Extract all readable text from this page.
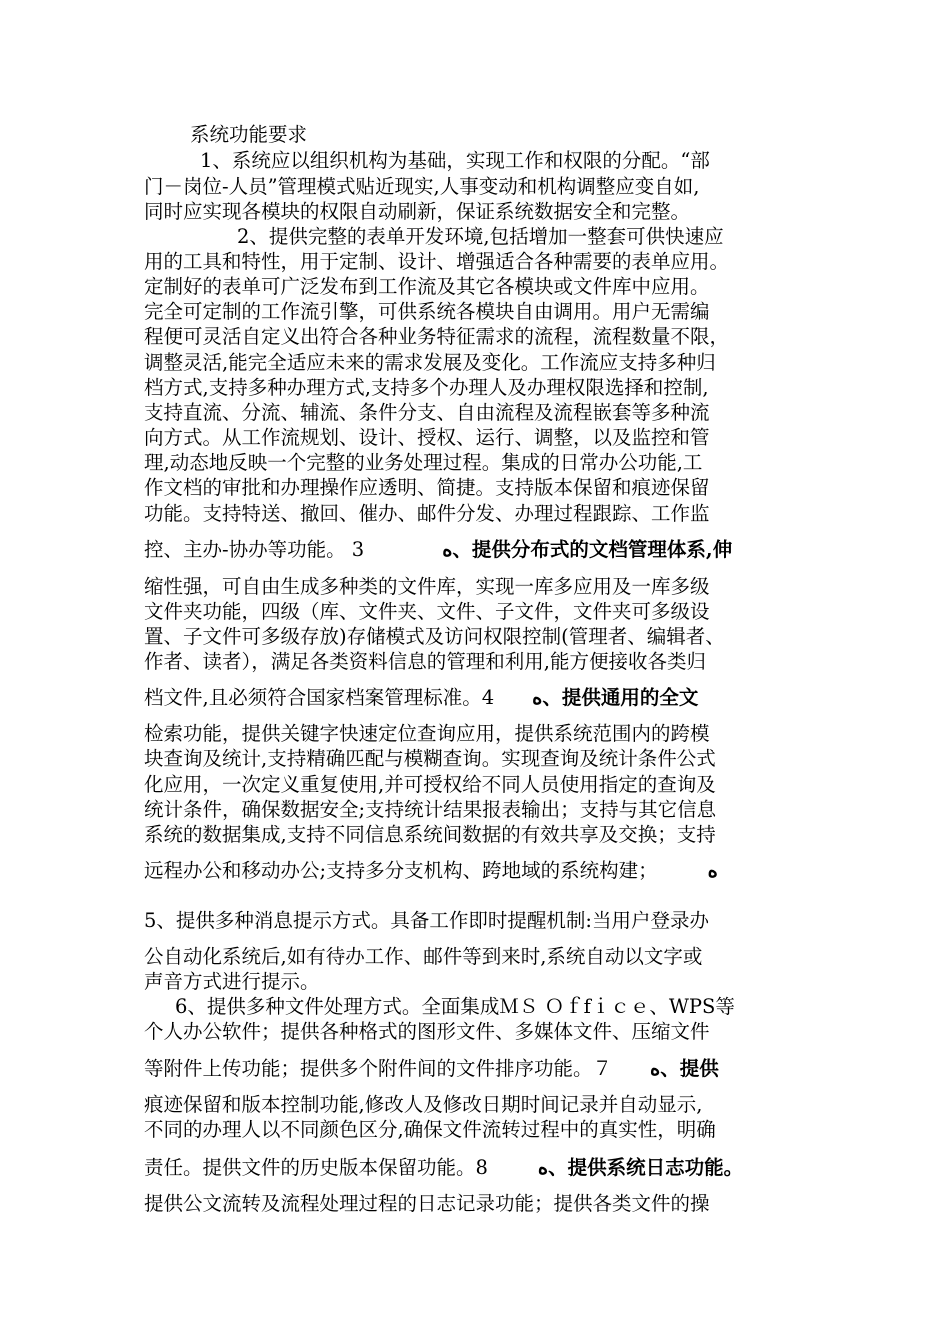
系统功能要求
1、系统应以组织机构为基础，实现工作和权限的分配。“部
门－岗位-人员”管理模式贴近现实,人事变动和机构调整应变自如,
同时应实现各模块的权限自动刷新，保证系统数据安全和完整。
2、提供完整的表单开发环境,包括增加一整套可供快速应
用的工具和特性，用于定制、设计、增强适合各种需要的表单应用。
定制好的表单可广泛发布到工作流及其它各模块或文件库中应用。
完全可定制的工作流引擎，可供系统各模块自由调用。用户无需编
程便可灵活自定义出符合各种业务特征需求的流程，流程数量不限，
调整灵活,能完全适应未来的需求发展及变化。工作流应支持多种归
档方式,支持多种办理方式,支持多个办理人及办理权限选择和控制,
支持直流、分流、辅流、条件分支、自由流程及流程嵌套等多种流
向方式。从工作流规划、设计、授权、运行、调整，以及监控和管
理,动态地反映一个完整的业务处理过程。集成的日常办公功能,工
作文档的审批和办理操作应透明、简捷。支持版本保留和痕迹保留
功能。支持特送、撤回、催办、邮件分发、办理过程跟踪、工作监
控、主办-协办等功能。 3	ﻩ、提供分布式的文档管理体系,伸
缩性强，可自由生成多种类的文件库，实现一库多应用及一库多级
文件夹功能，四级（库、文件夹、文件、子文件，文件夹可多级设
置、子文件可多级存放)存储模式及访问权限控制(管理者、编辑者、
作者、读者），满足各类资料信息的管理和利用,能方便接收各类归
档文件,且必须符合国家档案管理标准。4 ﻩ、提供通用的全文
检索功能，提供关键字快速定位查询应用，提供系统范围内的跨模
块查询及统计,支持精确匹配与模糊查询。实现查询及统计条件公式
化应用，一次定义重复使用,并可授权给不同人员使用指定的查询及
统计条件，确保数据安全;支持统计结果报表输出；支持与其它信息
系统的数据集成,支持不同信息系统间数据的有效共享及交换；支持
远程办公和移动办公;支持多分支机构、跨地域的系统构建；	ﻩ
5、提供多种消息提示方式。具备工作即时提醒机制:当用户登录办
公自动化系统后,如有待办工作、邮件等到来时,系统自动以文字或
声音方式进行提示。
6、提供多种文件处理方式。全面集成ＭＳ Ｏｆfｉｃｅ、WPS等
个人办公软件；提供各种格式的图形文件、多媒体文件、压缩文件
等附件上传功能；提供多个附件间的文件排序功能。７ ﻩ、提供
痕迹保留和版本控制功能,修改人及修改日期时间记录并自动显示,
不同的办理人以不同颜色区分,确保文件流转过程中的真实性，明确
责任。提供文件的历史版本保留功能。8	ﻩ、提供系统日志功能。
提供公文流转及流程处理过程的日志记录功能；提供各类文件的操
